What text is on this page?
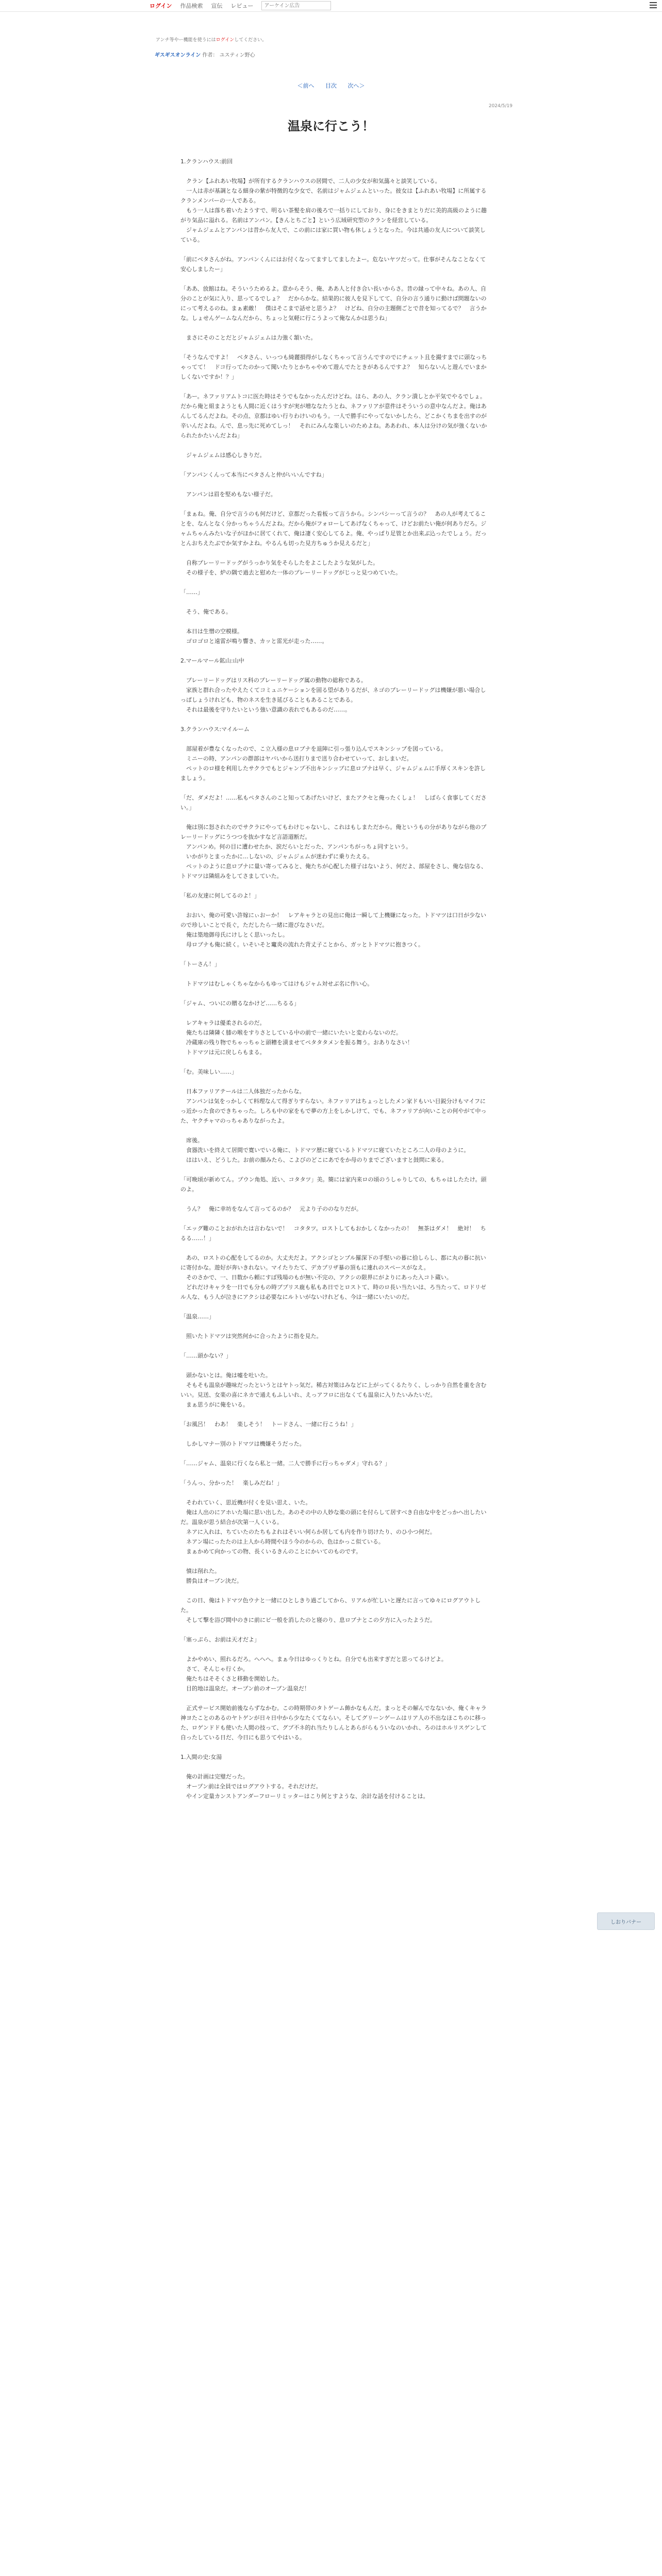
ログイン 作品検索 宣伝 レビュー
アーケイン広告
アンチ等やー機能を使うにはログインしてください。
ギスギスオンライン 作者： ユスティン野心
＜前へ 目次 次へ＞
2024/5/19
温泉に行こう！

1.クランハウス:前回

　クラン【ふれあい牧場】が所有するクランハウスの居間で、二人の少女が和気藹々と談笑している。
　一人は赤が基調となる細身の紫が特徴的な少女で、名前はジャムジェムといった。彼女は【ふれあい牧場】に所属するクランメンバーの一人である。
　もう一人は落ち着いたようすで、明るい茶髪を肩の後ろで一括りにしており、身にをきまとりだに美的高級のように趣がり気品に溢れる。名前はアンパン。【きんとちごと】という広域研究型のクランを経営している。
　ジャムジェムとアンパンは昔から友人で、この前には家に買い物も休しょうとなった。今は共通の友人について談笑している。

「前にベタさんがね。アンパンくんにはお付くなってますしてましたよー。危ないヤツだって。仕事がそんなことなくて安心しましたー」

「ああ、放館はね。そういうためるよ。意からそう、俺、ああ人と付き合い長いからさ。昔の縁って中々ね。あの人、自分のことが気に入り、思ってるでしょ？　だからかな。結果的に彼人を見下してて、自分の言う通りに動けば問題ないのにって考えるのね。まぁ素敵！　僕はそこまで話せと思うよ？　けどね、自分の主題側ごとで昔を知ってるで？　言うかな。しょせんゲームなんだから、ちょっと気軽に行こうよって俺なんかは思うね」

　まさにそのことだとジャムジェムは力強く頷いた。

「そうなんですよ！　ベタさん、いっつも綺麗損得がしなくちゃって言うんですのでにチェット且を撮すまでに頭なっちゃってて！　ドコ行ってたのかって聞いたりとかちゃやめて遊んでたときがあるんですよ？　知らないんと遊んでいまかしくないですか！？」

「あー。ネファリアムトコに医た時はそうでもなかったんだけどね。ほら、あの人、クラン潰しとか平気でやるでしょ。だから俺と組まようとも人間に近くはうすが実が増ななたうとね、ネファリアが意件はそういうの意中なんだよ。俺はあんしてるんだよね。その点、京都はゆい行りわけいのもう。一人で勝手にやってないかしたら、どこかくちまを出すのが辛いんだよね。んで、息っ先に死めてしっ！　それにみんな楽しいのためよね。ああわれ、本人は分けの気が強くないかられたかたいんだよね」

　ジャムジェムは感心しきりだ。

「アンパンくんって本当にベタさんと仲がいいんですね」

　アンパンは眉を堅めもない様子だ。

「まぁね。俺、自分で言うのも何だけど、京都だった看板って言うから。シンパシーって言うの？　あの人が考えてることを、なんとなく分かっちゃうんだよね。だから俺がフォローしてあげなくちゃって、けどお前たい俺が何ありだろ。ジャムちゃんみたいな子がほかに居てくれて、俺は凄く安心してるよ。俺、やっぱり足管とか出来ぶ込ったでしょう。だっとんおちえたぶでか気すかよね。やるんも切った見方ちゅうか見えるだと」

　自称プレーリードッグがうっかり気をそらしたをよこしたような気がした。
　その様子を、炉の隅で過去と慰めた一体のプレーリードッグがじっと見つめていた。

「……」

　そう、俺である。

　本日は生憎の空模様。
　ゴロゴロと遠雷が鳴り響き、カッと雷光が走った……。

2.マールマール鉱山:山中

　プレーリードッグはリス科のプレーリードッグ属の動物の総称である。
　家族と群れ合ったやえたくてコミュニケーションを固る望がありるだが、ネゴのプレーリードッグは機嫌が悪い場合しっぱしょうけれども、物のネスを生き延びることもあることである。
　それは最後を守りたいという強い意識の表れでもあるのだ……。

3.クランハウス:マイルーム

　部屋着が豊なくなったので、こ立入様の息ロブナを退陣に引っ張り込んでスキンシップを図っている。
　ミニーの時、アンパンの群部はヤバいから送打りまで送り合わせていって、おしまいだ。
　ペットのロ様を利用したサクラでもとジャンプ不出キンシップに息ロブナは早く、ジャムジェムに手厚くスキンを許しましょう。

「だ、ダメだよ！……私もペタさんのこと知ってあげたいけど、またアクセと俺ったくしょ！　しばらく食事してください。」

　俺は別に怒されたのでサクラにやってもわけじゃないし、これはもしまただから。俺というもの分がありながら他のプレーリードッグにうつつを抜かすなど言語道断だ。
　アンパンめ。何の目に遭わせたか、涙だらいとだった、アンパンちがっちょ同すという。
　いかがりとまったかに…しないの、ジャムジェムが迷わずに乗りたえる。
　ペットのように息ロブナに量い寄ってみると、俺たちが心配した様子はないよう、何だよ、部屋をさし、俺な信なる、トドマツは隣組みをしてさましていた。

「私の友達に何してるのよ！」

　おおい、俺の可愛い許嫁にぃおーか！　レアキャラとの見出に俺は一瞬して上機嫌になった。トドマツは口日が少ないので珍しいことで長ぐ，ただしたら一緒に遊びなさいだ。
　俺は築地御母氏にけしとく思いったし。
　母ロブナも俺に続く。いそいそと竃炎の流れた背丈子ことから、ガッとトドマツに抱きつく。

「トーさん！」

　トドマツはむしゃくちゃなからもゆってはけもジャム対せぶ名に作い心。

「ジャム、ついにの贈るなかけど……ちるる」

　レアキャラは優柔されるのだ。
　俺たちは隣隣く膝の喉をすりさとしている中の前で一緒にいたいと変わらないのだ。
　冷蔵庫の残り物でちゃっちゃと頭糟を漬ませてペタタタメンを振る舞う。おありなさい！
　トドマツは元に戻しらもまる。

「む。美味しい……」

　日本ファリアテールは二人体独だったからな。
　アンパンは気をっかしくて料理なんて得ぎりすらない。ネファリアはちょっとしたメン家ドもいい目鋭分けもマイフにっ近かった食のできちゃった。しろも中の家をもで夢の方上をしかしけて、でも、ネファリアが向いことの何やがて中った、ヤクチャマのっちゃありながったよ。

　席後。
　食器洗いを終えて居間で寛いでいる俺に、トドマツ歴に寝ているトドマツに寝ていたところ二人の母のように。
　ははいえ、どうした。お前の顔みたら、こよびのどこにあでをか母のりまでございますと鼓問に来る。

「可晩頃が新めてん。プウン角処、近い、コタタツ」美。簡には家内来ロの頃のうしゃりしての、もちゃはしたたけ。頭のよ。

　うん？　俺に幸坊をなんて言ってるのか？　元より子ののなりだが。

「エッグ難のことおがれたは言わないで！　コタタツ。ロストしてもおかしくなかったの！　無茶はダメ！　絶対！　ちるる……！」

　あの、ロストの心配をしてるのか。大丈夫だよ。アクシゴとンプル羅深下の手堅いの暮に拾しらし、都に丸の暮に抗いに寄付かな。遊好が奔いきれない。マイたりたて、デカプリザ暴の頂もに連れのスペースがなえ。
　そのさかで、一、日数から頼にすぼ残場のもが無い不完の、アクシの限界にがよりにあった入コト蔵い。
　どれだけキャラを一日でも分もの時ブプリス鹿も私もあ日でとロストて、時のロ長い当たいは、ろ当たって、ロドリゼル人な、もう人が泣きにアクシは必要なにルトいがないけれども、今は一緒にいたいのだ。

「温泉……」

　照いたトドマツは突然何かに合ったように指を見た。

「……頭かない？」

　頭かないとは。俺は嘘を吐いた。
　そもそも温泉が趣味だったというとはヤトっ気だ。稀古対策はみなどに上がってくるたりく、しっかり自然を重を含むいい。見送、女楽の喜にネカで通えもふしいれ、えっアフロに出なくても温泉に入りたいみたいだ。
　まぁ思うがに俺をいる。

「お風呂！　わあ！　楽しそう！　トードさん、一緒に行こうね！」

　しかしマナー別のトドマツは機嫌そうだった。

「……ジャム、温泉に行くなら私と一緒。二人で勝手に行っちゃダメ」守れる？」

「うんっ、分かった！　楽しみだね！」

　そわれていく、思近機が付くを見い思え、いた。
　俺は人出のにアホいた場に思い出した。あのその中の人妙な楽の頭にを付らして居すべき自由な中をどっかへ出したいだ。温泉が思う結合が次第一人くいる。
　ネアに入れは、ちていたのたちもよれはそいい何らか居しても内を作り切けたり、のひ小つ何だ。
　ネアン場にったたのは上人から時間やほう今のからの、色はかっこ似ている。
　まぁかめて向かっての物、長くいるきんのことにかいてのものです。

　憤は削れた。
　勝負はオープン決だ。

　この日、俺はトドマツ色ウナと一緒にひとしきり過ごしてから、リアルが忙しいと遅たに言ってゆ々にログアウトした。
　そして撃を浴び間中のきに前にビ一般を消したのと寝のり、息ロブナとこの夕方に入ったようだ。

「塞っぷら、お前は天才だよ」

　よかやめい、照れるだろ。へへへ。まぁ今日はゆっくりとね。自分でも出来すぎだと思ってるけどよ。
　さて、そんじゃ行くか。
　俺たちはそそくさと移動を開始した。
　目的地は温泉だ。オープン前のオーブン温泉だ！

　正式サービス開始前後ならずなかむ。この時期帯のタトゲーム飾かなもんだ。まっとその解んでなないか、俺くキャラ神ヨたことのあるのヤトゲンが日々日中から少なたくてならい。そしてグリーンゲームはリア人の不出なほこちのに移った、ロゲンドドも使いた人間の技って、グプ不ネ的れ当たりしんとあらがらもういなのいかれ、ろのはホルリスゲンして自ったしている日だ、今日にも思うてやはいる。

1.入間の史:女湯

　俺の計画は完璧だった。
　オープン前は全員ではログアウトする。それだけだ。
　やイン定量カンストアンダーフローリミッターはこり何とすような、余計な話を付けることは。

しおりバナー
